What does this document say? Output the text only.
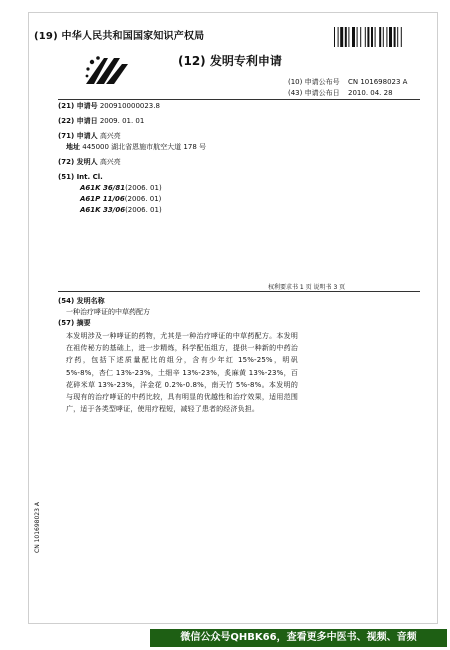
(19) 中华人民共和国国家知识产权局
(12) 发明专利申请
(10) 申请公布号 CN 101698023 A
(43) 申请公布日 2010. 04. 28
(21) 申请号 200910000023.8
(22) 申请日 2009. 01. 01
(71) 申请人 高兴亮
地址 445000 湖北省恩施市航空大道 178 号
(72) 发明人 高兴亮
(51) Int. Cl.
A61K 36/81(2006. 01)
A61P 11/06(2006. 01)
A61K 33/06(2006. 01)
权利要求书 1 页 说明书 3 页
(54) 发明名称
一种治疗哮证的中草药配方
(57) 摘要
本发明涉及一种哮证的药物，尤其是一种治疗哮证的中草药配方。本发明在祖传秘方的基础上，进一步精炼，科学配伍组方，提供一种新的中药治疗药，包括下述质量配比的组分，含有少年红 15%-25%，明矾 5%-8%，杏仁 13%-23%，土细辛 13%-23%，炙麻黄 13%-23%，百花碎米草 13%-23%，洋金花 0.2%-0.8%，南天竹 5%-8%。本发明的与现有的治疗哮证的中药比较，具有明显的优越性和治疗效果，适用范围广，适于各类型哮证，使用疗程短，减轻了患者的经济负担。
CN 101698023 A
微信公众号QHBK66，查看更多中医书、视频、音频
